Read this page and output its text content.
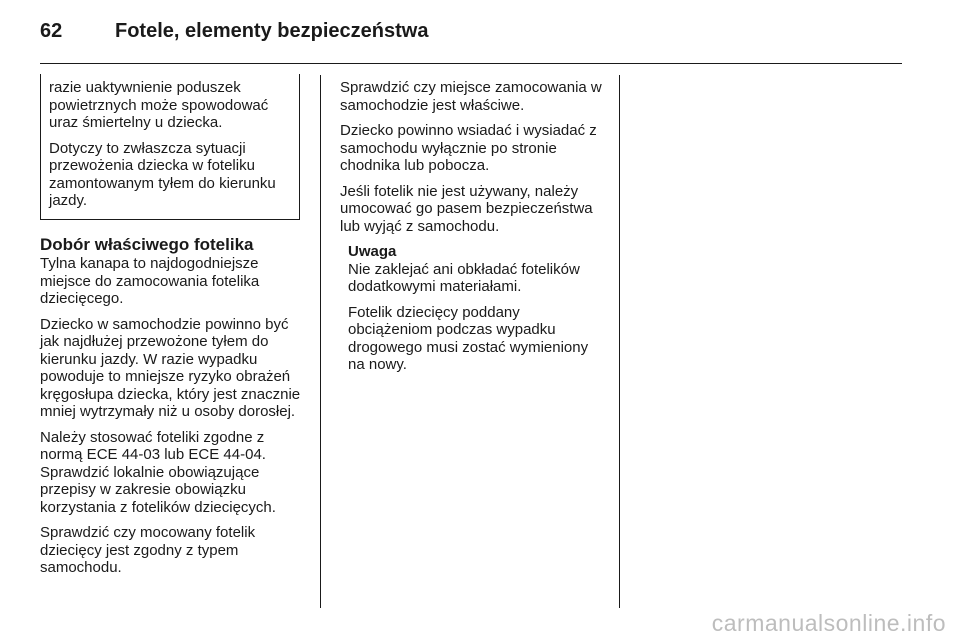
62	Fotele, elementy bezpieczeństwa

razie uaktywnienie poduszek powietrznych może spowodować uraz śmiertelny u dziecka.

Dotyczy to zwłaszcza sytuacji przewożenia dziecka w foteliku zamontowanym tyłem do kierunku jazdy.

Dobór właściwego fotelika

Tylna kanapa to najdogodniejsze miejsce do zamocowania fotelika dziecięcego.

Dziecko w samochodzie powinno być jak najdłużej przewożone tyłem do kierunku jazdy. W razie wypadku powoduje to mniejsze ryzyko obrażeń kręgosłupa dziecka, który jest znacznie mniej wytrzymały niż u osoby dorosłej.

Należy stosować foteliki zgodne z normą ECE 44-03 lub ECE 44-04. Sprawdzić lokalnie obowiązujące przepisy w zakresie obowiązku korzystania z fotelików dziecięcych.

Sprawdzić czy mocowany fotelik dziecięcy jest zgodny z typem samochodu.

Sprawdzić czy miejsce zamocowania w samochodzie jest właściwe.

Dziecko powinno wsiadać i wysiadać z samochodu wyłącznie po stronie chodnika lub pobocza.

Jeśli fotelik nie jest używany, należy umocować go pasem bezpieczeństwa lub wyjąć z samochodu.

Uwaga

Nie zaklejać ani obkładać fotelików dodatkowymi materiałami.

Fotelik dziecięcy poddany obciążeniom podczas wypadku drogowego musi zostać wymieniony na nowy.

carmanualsonline.info
